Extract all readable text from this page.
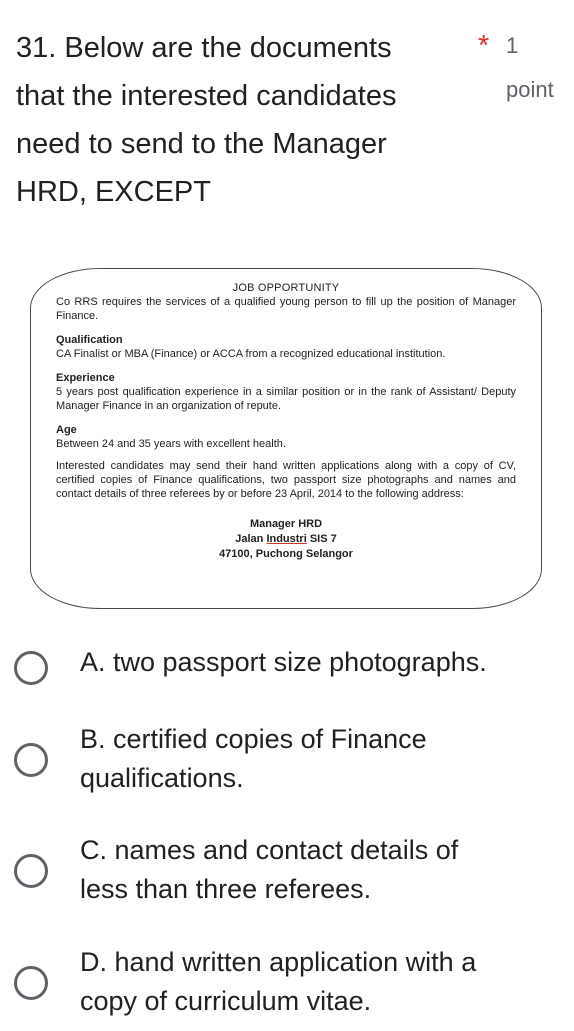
31. Below are the documents
that the interested candidates
need to send to the Manager
HRD, EXCEPT
* 1 point
JOB OPPORTUNITY
Co RRS requires the services of a qualified young person to fill up the position of Manager Finance.
Qualification
CA Finalist or MBA (Finance) or ACCA from a recognized educational institution.
Experience
5 years post qualification experience in a similar position or in the rank of Assistant/ Deputy Manager Finance in an organization of repute.
Age
Between 24 and 35 years with excellent health.
Interested candidates may send their hand written applications along with a copy of CV, certified copies of Finance qualifications, two passport size photographs and names and contact details of three referees by or before 23 April, 2014 to the following address:
Manager HRD
Jalan Industri SIS 7
47100, Puchong Selangor
A. two passport size photographs.
B. certified copies of Finance
qualifications.
C. names and contact details of
less than three referees.
D. hand written application with a
copy of curriculum vitae.
